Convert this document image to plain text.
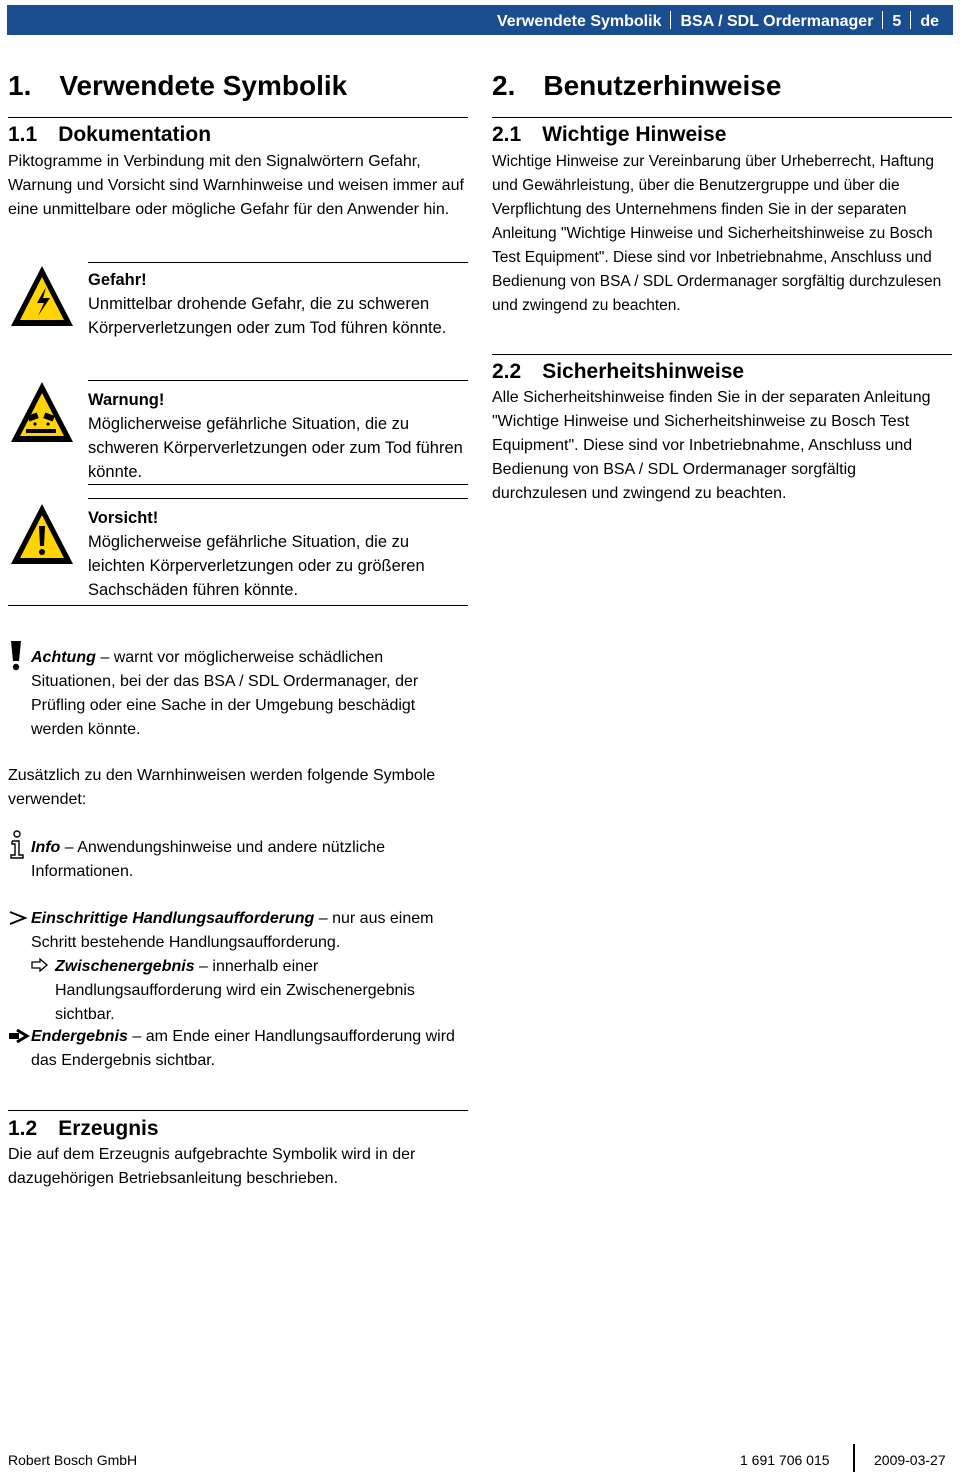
Verwendete Symbolik BSA / SDL Ordermanager 5 de
1. Verwendete Symbolik
1.1 Dokumentation
Piktogramme in Verbindung mit den Signalwörtern Gefahr, Warnung und Vorsicht sind Warnhinweise und weisen immer auf eine unmittelbare oder mögliche Gefahr für den Anwender hin.
Gefahr!
Unmittelbar drohende Gefahr, die zu schweren Körperverletzungen oder zum Tod führen könnte.
Warnung!
Möglicherweise gefährliche Situation, die zu schweren Körperverletzungen oder zum Tod führen könnte.
Vorsicht!
Möglicherweise gefährliche Situation, die zu leichten Körperverletzungen oder zu größeren Sachschäden führen könnte.
Achtung – warnt vor möglicherweise schädlichen Situationen, bei der das BSA / SDL Ordermanager, der Prüfling oder eine Sache in der Umgebung beschädigt werden könnte.
Zusätzlich zu den Warnhinweisen werden folgende Symbole verwendet:
Info – Anwendungshinweise und andere nützliche Informationen.
Einschrittige Handlungsaufforderung – nur aus einem Schritt bestehende Handlungsaufforderung.
Zwischenergebnis – innerhalb einer Handlungsaufforderung wird ein Zwischenergebnis sichtbar.
Endergebnis – am Ende einer Handlungsaufforderung wird das Endergebnis sichtbar.
1.2 Erzeugnis
Die auf dem Erzeugnis aufgebrachte Symbolik wird in der dazugehörigen Betriebsanleitung beschrieben.
2. Benutzerhinweise
2.1 Wichtige Hinweise
Wichtige Hinweise zur Vereinbarung über Urheberrecht, Haftung und Gewährleistung, über die Benutzergruppe und über die Verpflichtung des Unternehmens finden Sie in der separaten Anleitung "Wichtige Hinweise und Sicherheitshinweise zu Bosch Test Equipment". Diese sind vor Inbetriebnahme, Anschluss und Bedienung von BSA / SDL Ordermanager sorgfältig durchzulesen und zwingend zu beachten.
2.2 Sicherheitshinweise
Alle Sicherheitshinweise finden Sie in der separaten Anleitung "Wichtige Hinweise und Sicherheitshinweise zu Bosch Test Equipment". Diese sind vor Inbetriebnahme, Anschluss und Bedienung von BSA / SDL Ordermanager sorgfältig durchzulesen und zwingend zu beachten.
Robert Bosch GmbH	1 691 706 015	2009-03-27
